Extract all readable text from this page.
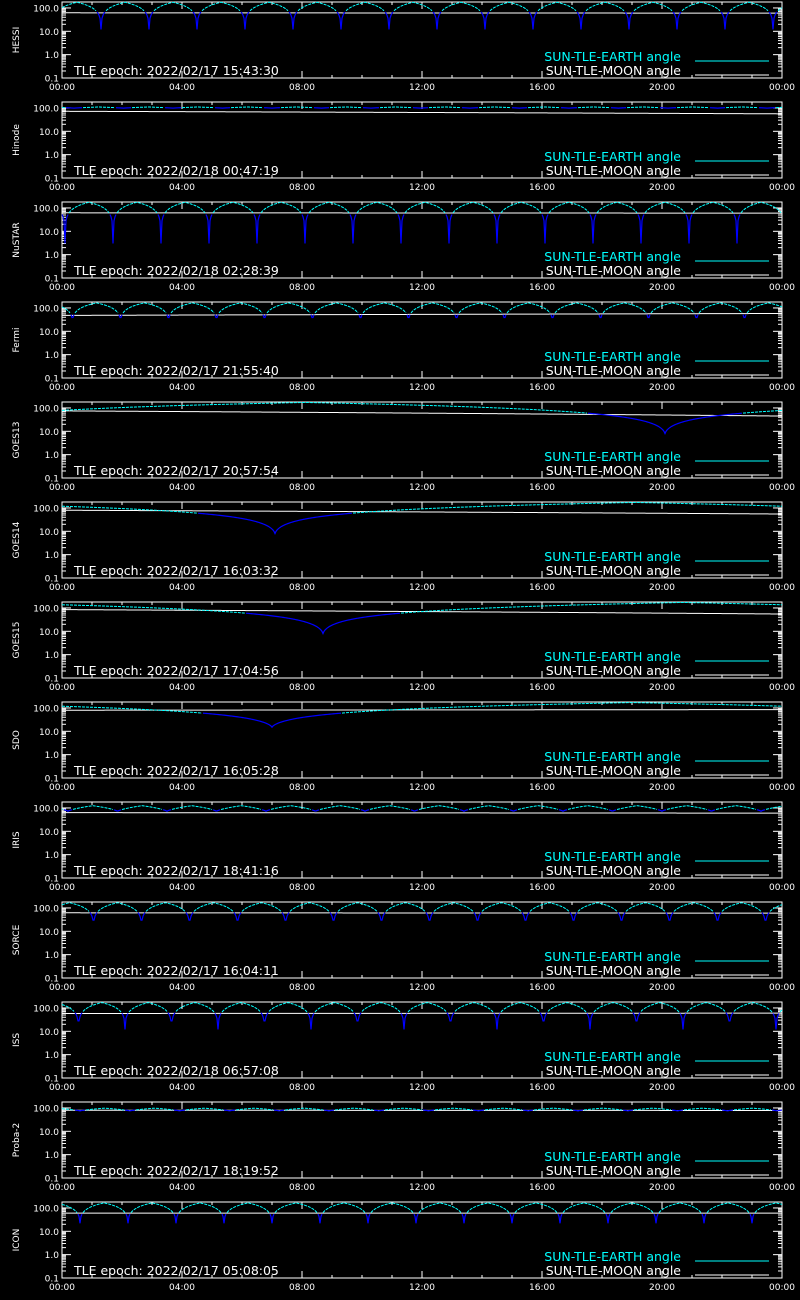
100.0
10.0
1.0
0.1
00:00	04:00	08:00	12:00	16:00	20:00	00:00
HESSI
TLE epoch: 2022/02/17 15:43:30
SUN-TLE-EARTH angle
SUN-TLE-MOON angle
100.0
10.0
1.0
0.1
00:00	04:00	08:00	12:00	16:00	20:00	00:00
Hinode
TLE epoch: 2022/02/18 00:47:19
SUN-TLE-EARTH angle
SUN-TLE-MOON angle
100.0
10.0
1.0
0.1
00:00	04:00	08:00	12:00	16:00	20:00	00:00
NuSTAR
TLE epoch: 2022/02/18 02:28:39
SUN-TLE-EARTH angle
SUN-TLE-MOON angle
100.0
10.0
1.0
0.1
00:00	04:00	08:00	12:00	16:00	20:00	00:00
Fermi
TLE epoch: 2022/02/17 21:55:40
SUN-TLE-EARTH angle
SUN-TLE-MOON angle
100.0
10.0
1.0
0.1
00:00	04:00	08:00	12:00	16:00	20:00	00:00
GOES13
TLE epoch: 2022/02/17 20:57:54
SUN-TLE-EARTH angle
SUN-TLE-MOON angle
100.0
10.0
1.0
0.1
00:00	04:00	08:00	12:00	16:00	20:00	00:00
GOES14
TLE epoch: 2022/02/17 16:03:32
SUN-TLE-EARTH angle
SUN-TLE-MOON angle
100.0
10.0
1.0
0.1
00:00	04:00	08:00	12:00	16:00	20:00	00:00
GOES15
TLE epoch: 2022/02/17 17:04:56
SUN-TLE-EARTH angle
SUN-TLE-MOON angle
100.0
10.0
1.0
0.1
00:00	04:00	08:00	12:00	16:00	20:00	00:00
SDO
TLE epoch: 2022/02/17 16:05:28
SUN-TLE-EARTH angle
SUN-TLE-MOON angle
100.0
10.0
1.0
0.1
00:00	04:00	08:00	12:00	16:00	20:00	00:00
IRIS
TLE epoch: 2022/02/17 18:41:16
SUN-TLE-EARTH angle
SUN-TLE-MOON angle
100.0
10.0
1.0
0.1
00:00	04:00	08:00	12:00	16:00	20:00	00:00
SORCE
TLE epoch: 2022/02/17 16:04:11
SUN-TLE-EARTH angle
SUN-TLE-MOON angle
100.0
10.0
1.0
0.1
00:00	04:00	08:00	12:00	16:00	20:00	00:00
ISS
TLE epoch: 2022/02/18 06:57:08
SUN-TLE-EARTH angle
SUN-TLE-MOON angle
100.0
10.0
1.0
0.1
00:00	04:00	08:00	12:00	16:00	20:00	00:00
Proba-2
TLE epoch: 2022/02/17 18:19:52
SUN-TLE-EARTH angle
SUN-TLE-MOON angle
100.0
10.0
1.0
0.1
00:00	04:00	08:00	12:00	16:00	20:00	00:00
ICON
TLE epoch: 2022/02/17 05:08:05
SUN-TLE-EARTH angle
SUN-TLE-MOON angle
